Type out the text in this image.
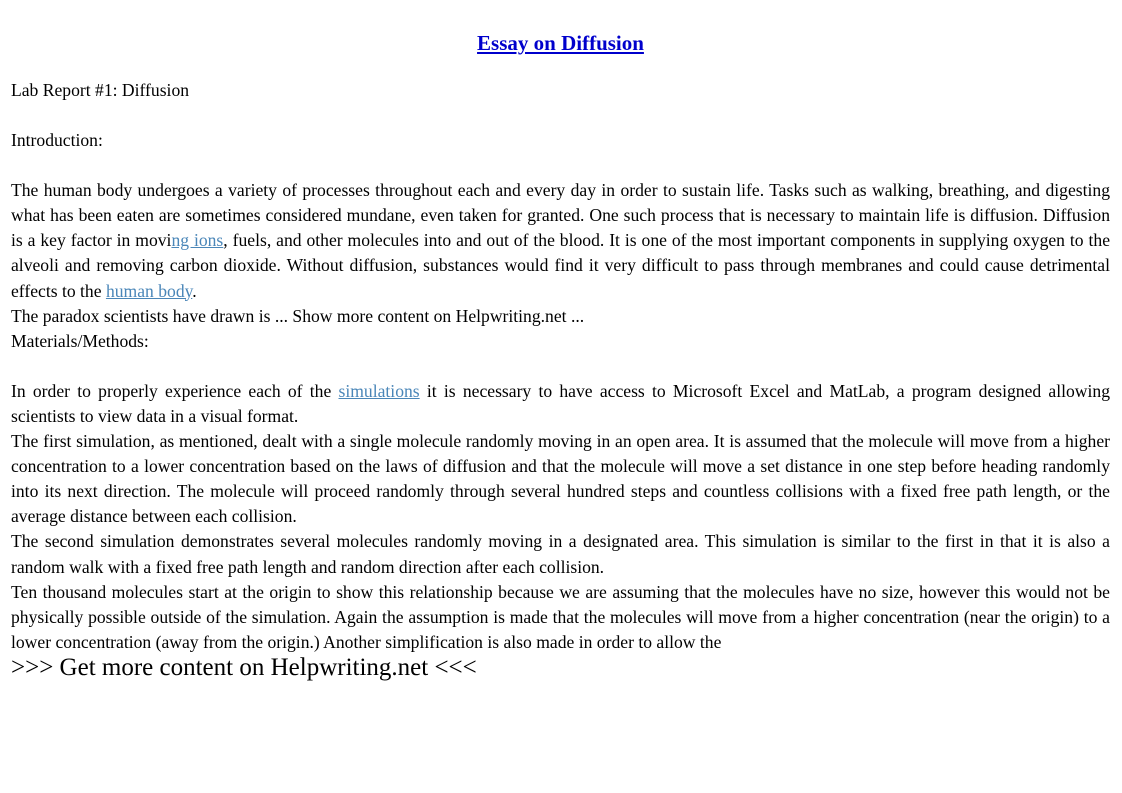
Essay on Diffusion

Lab Report #1: Diffusion

Introduction:

The human body undergoes a variety of processes throughout each and every day in order to sustain life. Tasks such as walking, breathing, and digesting what has been eaten are sometimes considered mundane, even taken for granted. One such process that is necessary to maintain life is diffusion. Diffusion is a key factor in moving ions, fuels, and other molecules into and out of the blood. It is one of the most important components in supplying oxygen to the alveoli and removing carbon dioxide. Without diffusion, substances would find it very difficult to pass through membranes and could cause detrimental effects to the human body.

The paradox scientists have drawn is ... Show more content on Helpwriting.net ...

Materials/Methods:

In order to properly experience each of the simulations it is necessary to have access to Microsoft Excel and MatLab, a program designed allowing scientists to view data in a visual format.

The first simulation, as mentioned, dealt with a single molecule randomly moving in an open area. It is assumed that the molecule will move from a higher concentration to a lower concentration based on the laws of diffusion and that the molecule will move a set distance in one step before heading randomly into its next direction. The molecule will proceed randomly through several hundred steps and countless collisions with a fixed free path length, or the average distance between each collision.

The second simulation demonstrates several molecules randomly moving in a designated area. This simulation is similar to the first in that it is also a random walk with a fixed free path length and random direction after each collision.

Ten thousand molecules start at the origin to show this relationship because we are assuming that the molecules have no size, however this would not be physically possible outside of the simulation. Again the assumption is made that the molecules will move from a higher concentration (near the origin) to a lower concentration (away from the origin.) Another simplification is also made in order to allow the

>>> Get more content on Helpwriting.net <<<
